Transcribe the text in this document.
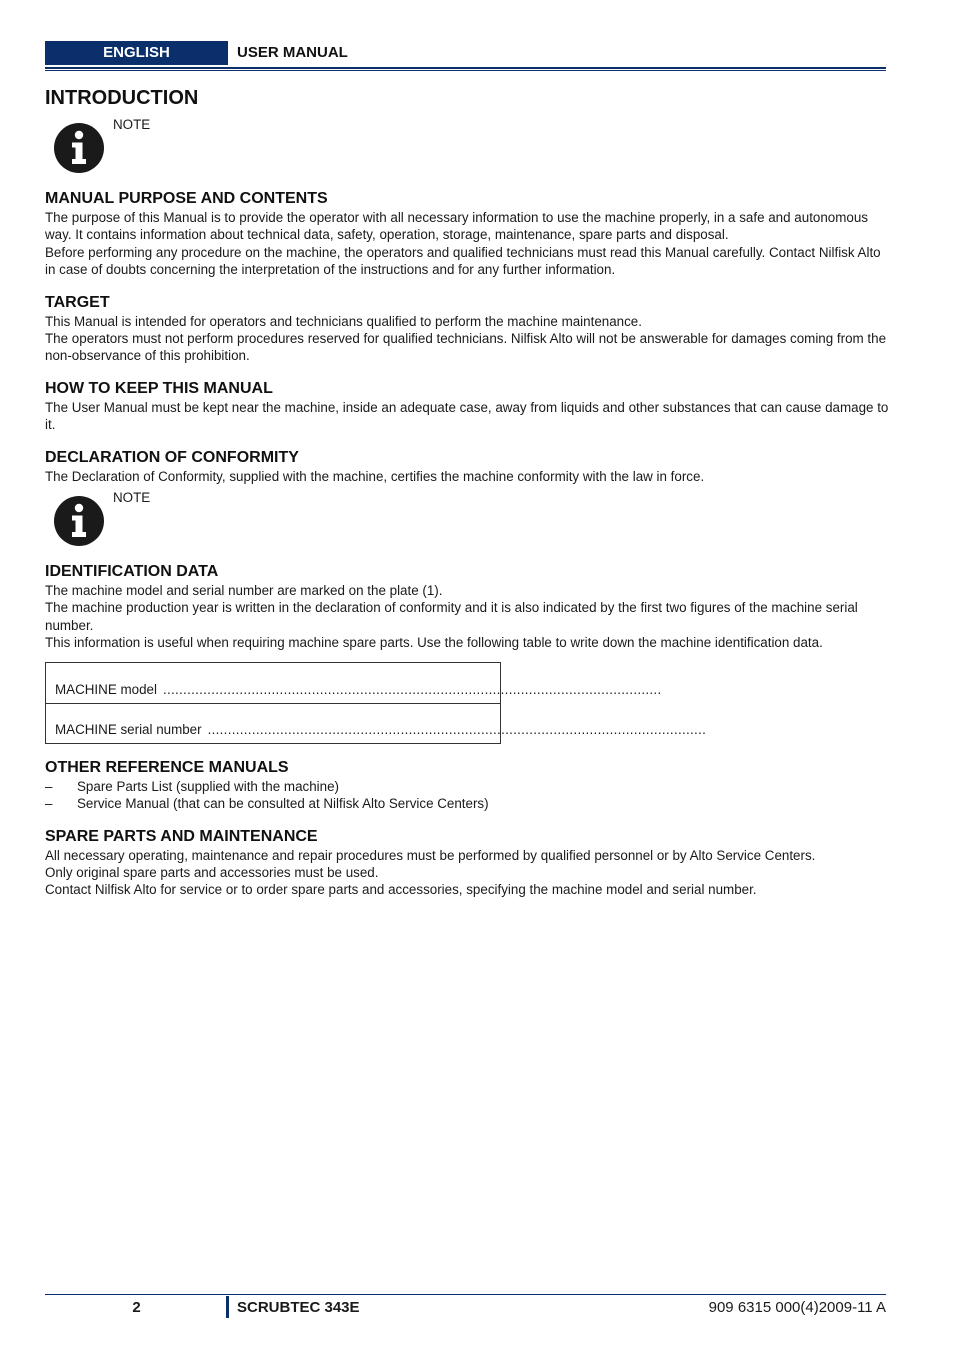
ENGLISH	USER MANUAL
INTRODUCTION
NOTE
MANUAL PURPOSE AND CONTENTS

The purpose of this Manual is to provide the operator with all necessary information to use the machine properly, in a safe and autonomous way. It contains information about technical data, safety, operation, storage, maintenance, spare parts and disposal.

Before performing any procedure on the machine, the operators and qualified technicians must read this Manual carefully. Contact Nilfisk Alto in case of doubts concerning the interpretation of the instructions and for any further information.

TARGET

This Manual is intended for operators and technicians qualified to perform the machine maintenance.

The operators must not perform procedures reserved for qualified technicians. Nilfisk Alto will not be answerable for damages coming from the non-observance of this prohibition.

HOW TO KEEP THIS MANUAL

The User Manual must be kept near the machine, inside an adequate case, away from liquids and other substances that can cause damage to it.

DECLARATION OF CONFORMITY

The Declaration of Conformity, supplied with the machine, certifies the machine conformity with the law in force.

NOTE
IDENTIFICATION DATA

The machine model and serial number are marked on the plate (1).

The machine production year is written in the declaration of conformity and it is also indicated by the first two figures of the machine serial number.

This information is useful when requiring machine spare parts. Use the following table to write down the machine identification data.

MACHINE model ............................................................................................................................
MACHINE serial number ............................................................................................................................
OTHER REFERENCE MANUALS
–	Spare Parts List (supplied with the machine)
–	Service Manual (that can be consulted at Nilfisk Alto Service Centers)
SPARE PARTS AND MAINTENANCE

All necessary operating, maintenance and repair procedures must be performed by qualified personnel or by Alto Service Centers.

Only original spare parts and accessories must be used.

Contact Nilfisk Alto for service or to order spare parts and accessories, specifying the machine model and serial number.

2	SCRUBTEC 343E	909 6315 000(4)2009-11 A
